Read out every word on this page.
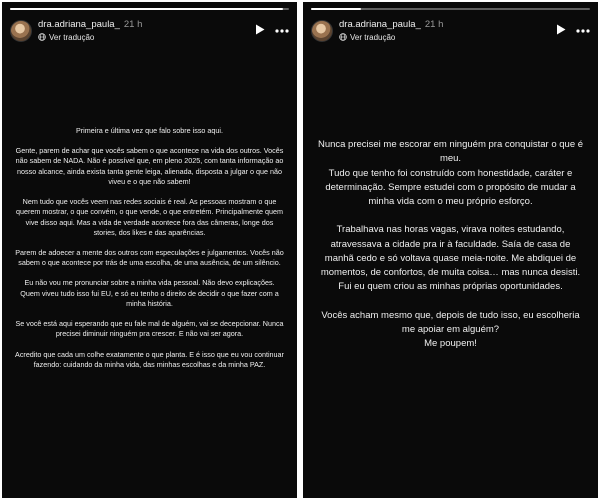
dra.adriana_paula_ 21 h
Ver tradução

Primeira e última vez que falo sobre isso aqui.

Gente, parem de achar que vocês sabem o que acontece na vida dos outros. Vocês não sabem de NADA. Não é possível que, em pleno 2025, com tanta informação ao nosso alcance, ainda exista tanta gente leiga, alienada, disposta a julgar o que não viveu e o que não sabem!

Nem tudo que vocês veem nas redes sociais é real. As pessoas mostram o que querem mostrar, o que convém, o que vende, o que entretém. Principalmente quem vive disso aqui. Mas a vida de verdade acontece fora das câmeras, longe dos stories, dos likes e das aparências.

Parem de adoecer a mente dos outros com especulações e julgamentos. Vocês não sabem o que acontece por trás de uma escolha, de uma ausência, de um silêncio.

Eu não vou me pronunciar sobre a minha vida pessoal. Não devo explicações. Quem viveu tudo isso fui EU, e só eu tenho o direito de decidir o que fazer com a minha história.

Se você está aqui esperando que eu fale mal de alguém, vai se decepcionar. Nunca precisei diminuir ninguém pra crescer. E não vai ser agora.

Acredito que cada um colhe exatamente o que planta. E é isso que eu vou continuar fazendo: cuidando da minha vida, das minhas escolhas e da minha PAZ.

dra.adriana_paula_ 21 h
Ver tradução

Nunca precisei me escorar em ninguém pra conquistar o que é meu.
Tudo que tenho foi construído com honestidade, caráter e determinação. Sempre estudei com o propósito de mudar a minha vida com o meu próprio esforço.

Trabalhava nas horas vagas, virava noites estudando, atravessava a cidade pra ir à faculdade. Saía de casa de manhã cedo e só voltava quase meia-noite. Me abdiquei de momentos, de confortos, de muita coisa… mas nunca desisti.
Fui eu quem criou as minhas próprias oportunidades.

Vocês acham mesmo que, depois de tudo isso, eu escolheria me apoiar em alguém?
Me poupem!
